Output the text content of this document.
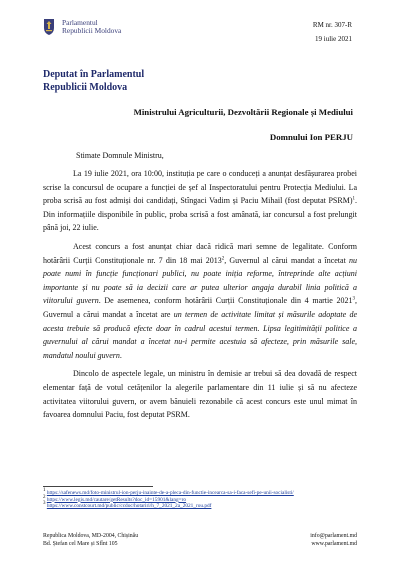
Parlamentul
Republicii Moldova
RM nr. 307-R
19 iulie 2021
Deputat în Parlamentul
Republicii Moldova
Ministrului Agriculturii, Dezvoltării Regionale și Mediului
Domnului Ion PERJU
Stimate Domnule Ministru,

La 19 iulie 2021, ora 10:00, instituția pe care o conduceți a anunțat desfășurarea probei scrise la concursul de ocupare a funcției de șef al Inspectoratului pentru Protecția Mediului. La proba scrisă au fost admiși doi candidați, Stîngaci Vadim și Paciu Mihail (fost deputat PSRM)$^1$. Din informațiile disponibile în public, proba scrisă a fost amânată, iar concursul a fost prelungit până joi, 22 iulie.

Acest concurs a fost anunțat chiar dacă ridică mari semne de legalitate. Conform hotărârii Curții Constituționale nr. 7 din 18 mai 2013$^2$, Guvernul al cărui mandat a încetat nu poate numi în funcție funcționari publici, nu poate iniția reforme, întreprinde alte acțiuni importante și nu poate să ia decizii care ar putea ulterior angaja durabil linia politică a viitorului guvern. De asemenea, conform hotărârii Curții Constituționale din 4 martie 2021$^3$, Guvernul a cărui mandat a încetat are un termen de activitate limitat și măsurile adoptate de acesta trebuie să producă efecte doar în cadrul acestui termen. Lipsa legitimității politice a guvernului al cărui mandat a încetat nu-i permite acestuia să afecteze, prin măsurile sale, mandatul noului guvern.

Dincolo de aspectele legale, un ministru în demisie ar trebui să dea dovadă de respect elementar față de votul cetățenilor la alegerile parlamentare din 11 iulie și să nu afecteze activitatea viitorului guvern, or avem bănuieli rezonabile că acest concurs este unul mimat în favoarea domnului Paciu, fost deputat PSRM.

$^1$ https://safenews.md/foto-ministrul-ion-perju-inainte-de-a-pleca-din-functie-incearca-sa-i-faca-sefi-pe-unii-socialisti/
$^2$ https://www.legis.md/cautare/getResults?doc_id=15901&lang=ro
$^3$ https://www.constcourt.md/public/ccdoc/hotariri/h_7_2021_2a_2021_rou.pdf
Republica Moldova, MD-2004, Chișinău
Bd. Ștefan cel Mare și Sfînt 105
info@parlament.md
www.parlament.md
